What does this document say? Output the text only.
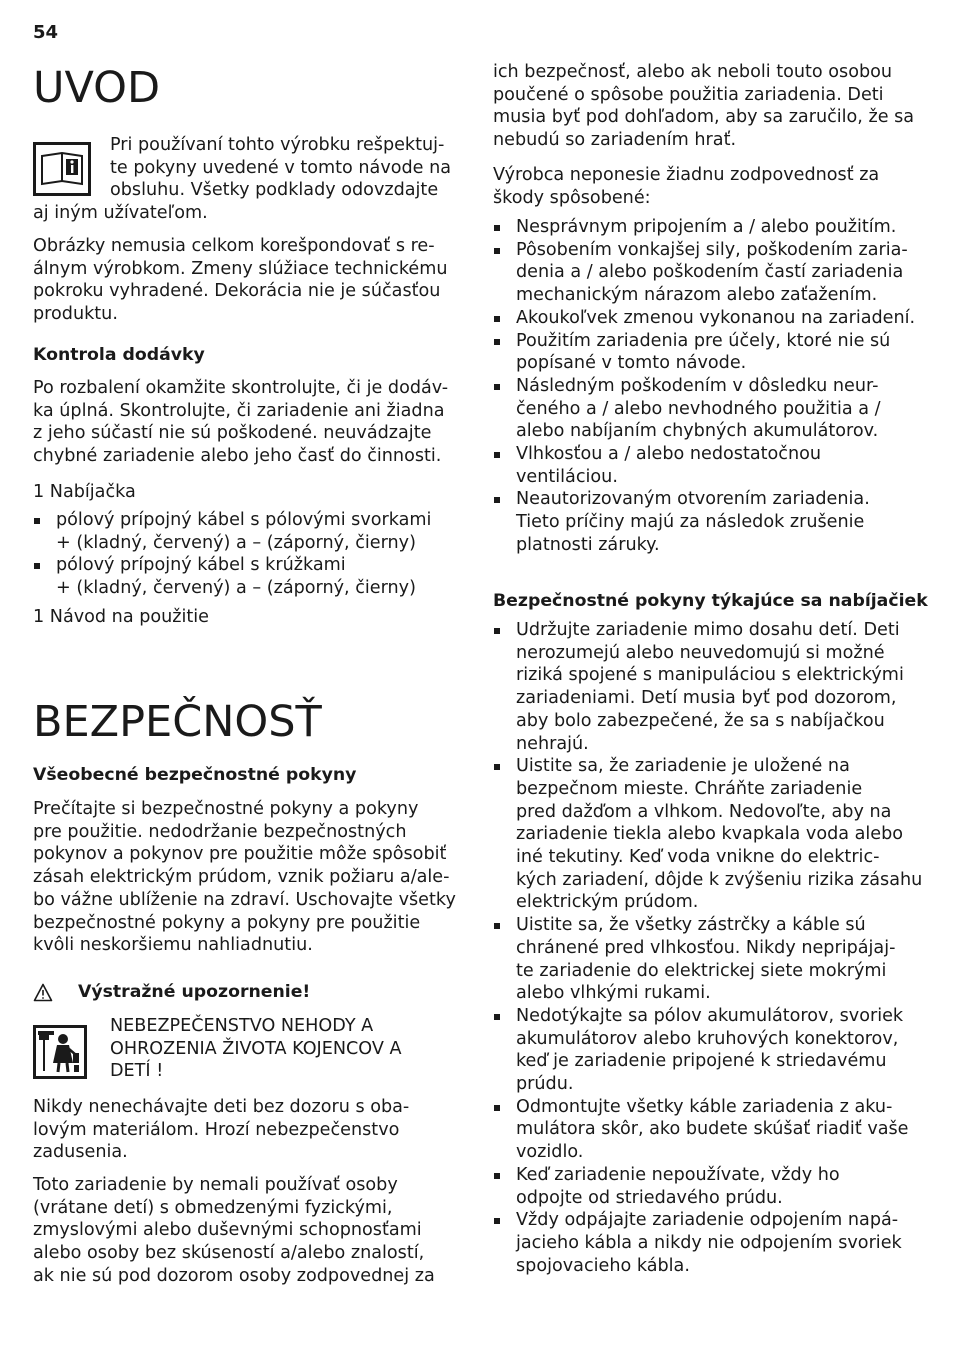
54
UVOD
Pri používaní tohto výrobku rešpektuj-
te pokyny uvedené v tomto návode na
obsluhu. Všetky podklady odovzdajte
aj iným užívateľom.
Obrázky nemusia celkom korešpondovať s re-
álnym výrobkom. Zmeny slúžiace technickému
pokroku vyhradené. Dekorácia nie je súčasťou
produktu.
Kontrola dodávky
Po rozbalení okamžite skontrolujte, či je dodáv-
ka úplná. Skontrolujte, či zariadenie ani žiadna
z jeho súčastí nie sú poškodené. neuvádzajte
chybné zariadenie alebo jeho časť do činnosti.
1 Nabíjačka
pólový prípojný kábel s pólovými svorkami
+ (kladný, červený) a – (záporný, čierny)
pólový prípojný kábel s krúžkami
+ (kladný, červený) a – (záporný, čierny)
1 Návod na použitie
BEZPEČNOSŤ
Všeobecné bezpečnostné pokyny
Prečítajte si bezpečnostné pokyny a pokyny
pre použitie. nedodržanie bezpečnostných
pokynov a pokynov pre použitie môže spôsobiť
zásah elektrickým prúdom, vznik požiaru a/ale-
bo vážne ublíženie na zdraví. Uschovajte všetky
bezpečnostné pokyny a pokyny pre použitie
kvôli neskoršiemu nahliadnutiu.
Výstražné upozornenie!
NEBEZPEČENSTVO NEHODY A
OHROZENIA ŽIVOTA KOJENCOV A
DETÍ !
Nikdy nenechávajte deti bez dozoru s oba-
lovým materiálom. Hrozí nebezpečenstvo
zadusenia.
Toto zariadenie by nemali používať osoby
(vrátane detí) s obmedzenými fyzickými,
zmyslovými alebo duševnými schopnosťami
alebo osoby bez skúseností a/alebo znalostí,
ak nie sú pod dozorom osoby zodpovednej za
ich bezpečnosť, alebo ak neboli touto osobou
poučené o spôsobe použitia zariadenia. Deti
musia byť pod dohľadom, aby sa zaručilo, že sa
nebudú so zariadením hrať.
Výrobca neponesie žiadnu zodpovednosť za
škody spôsobené:
Nesprávnym pripojením a / alebo použitím.
Pôsobením vonkajšej sily, poškodením zaria-
denia a / alebo poškodením častí zariadenia
mechanickým nárazom alebo zaťažením.
Akoukoľvek zmenou vykonanou na zariadení.
Použitím zariadenia pre účely, ktoré nie sú
popísané v tomto návode.
Následným poškodením v dôsledku neur-
čeného a / alebo nevhodného použitia a /
alebo nabíjaním chybných akumulátorov.
Vlhkosťou a / alebo nedostatočnou
ventiláciou.
Neautorizovaným otvorením zariadenia.
Tieto príčiny majú za následok zrušenie
platnosti záruky.
Bezpečnostné pokyny týkajúce sa nabíjačiek
Udržujte zariadenie mimo dosahu detí. Deti
nerozumejú alebo neuvedomujú si možné
riziká spojené s manipuláciou s elektrickými
zariadeniami. Detí musia byť pod dozorom,
aby bolo zabezpečené, že sa s nabíjačkou
nehrajú.
Uistite sa, že zariadenie je uložené na
bezpečnom mieste. Chráňte zariadenie
pred dažďom a vlhkom. Nedovoľte, aby na
zariadenie tiekla alebo kvapkala voda alebo
iné tekutiny. Keď voda vnikne do elektric-
kých zariadení, dôjde k zvýšeniu rizika zásahu
elektrickým prúdom.
Uistite sa, že všetky zástrčky a káble sú
chránené pred vlhkosťou. Nikdy nepripájaj-
te zariadenie do elektrickej siete mokrými
alebo vlhkými rukami.
Nedotýkajte sa pólov akumulátorov, svoriek
akumulátorov alebo kruhových konektorov,
keď je zariadenie pripojené k striedavému
prúdu.
Odmontujte všetky káble zariadenia z aku-
mulátora skôr, ako budete skúšať riadiť vaše
vozidlo.
Keď zariadenie nepoužívate, vždy ho
odpojte od striedavého prúdu.
Vždy odpájajte zariadenie odpojením napá-
jacieho kábla a nikdy nie odpojením svoriek
spojovacieho kábla.
